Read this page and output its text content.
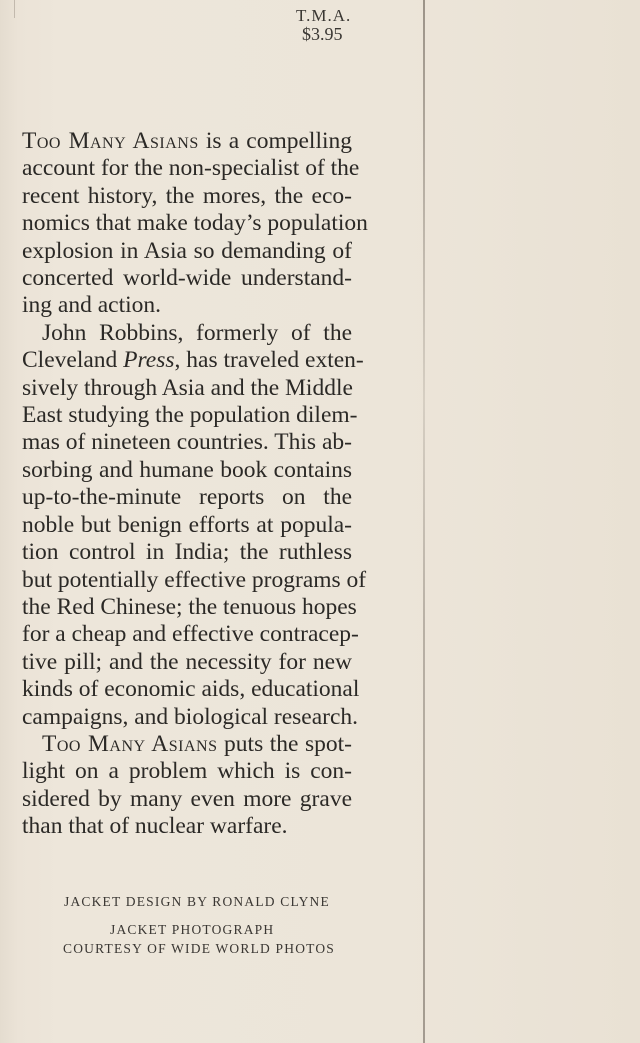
T.M.A.
$3.95
Too Many Asians is a compelling
account for the non-specialist of the
recent history, the mores, the eco-
nomics that make today’s population
explosion in Asia so demanding of
concerted world-wide understand-
ing and action.
John Robbins, formerly of the
Cleveland Press, has traveled exten-
sively through Asia and the Middle
East studying the population dilem-
mas of nineteen countries. This ab-
sorbing and humane book contains
up-to-the-minute reports on the
noble but benign efforts at popula-
tion control in India; the ruthless
but potentially effective programs of
the Red Chinese; the tenuous hopes
for a cheap and effective contracep-
tive pill; and the necessity for new
kinds of economic aids, educational
campaigns, and biological research.
Too Many Asians puts the spot-
light on a problem which is con-
sidered by many even more grave
than that of nuclear warfare.
JACKET DESIGN BY RONALD CLYNE
JACKET PHOTOGRAPH
COURTESY OF WIDE WORLD PHOTOS
